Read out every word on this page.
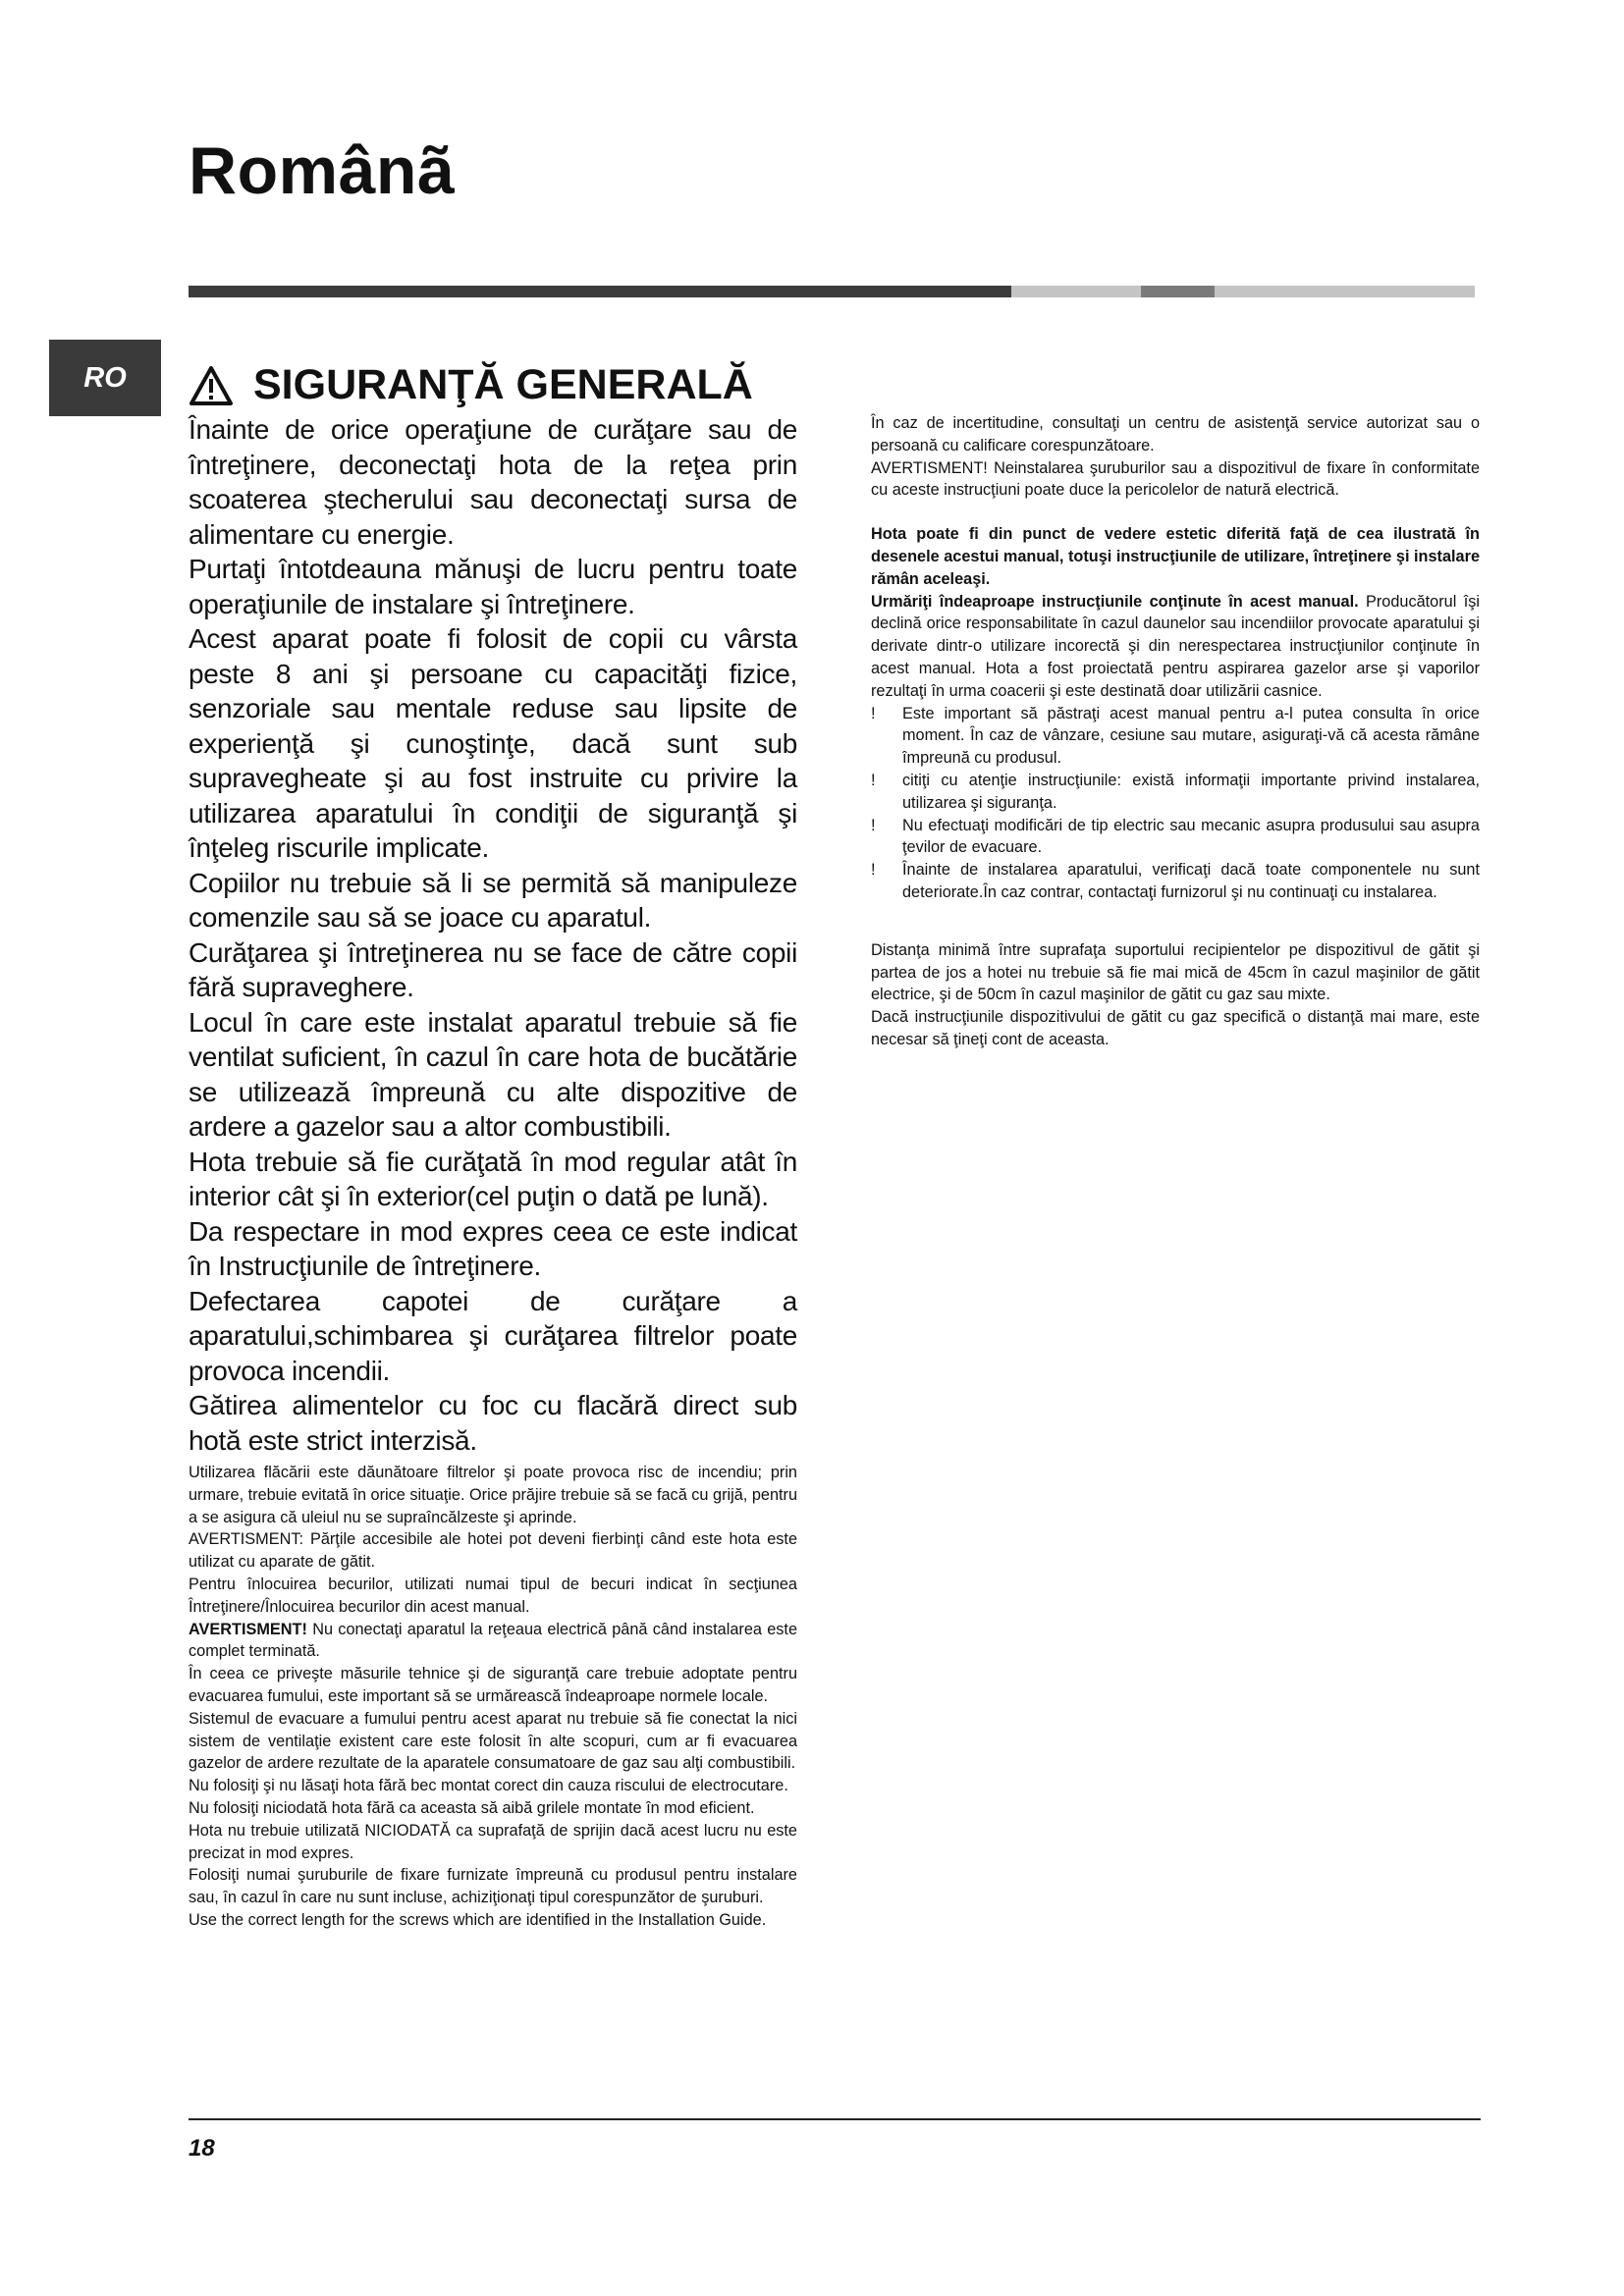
Românã
RO	SIGURANŢĂ GENERALĂ

Înainte de orice operaţiune de curăţare sau de întreţinere, deconectaţi hota de la reţea prin scoaterea ştecherului sau deconectaţi sursa de alimentare cu energie.

Purtaţi întotdeauna mănuşi de lucru pentru toate operaţiunile de instalare şi întreţinere.

Acest aparat poate fi folosit de copii cu vârsta peste 8 ani şi persoane cu capacităţi fizice, senzoriale sau mentale reduse sau lipsite de experienţă şi cunoştinţe, dacă sunt sub supravegheate şi au fost instruite cu privire la utilizarea aparatului în condiţii de siguranţă şi înţeleg riscurile implicate.

Copiilor nu trebuie să li se permită să manipuleze comenzile sau să se joace cu aparatul.

Curăţarea şi întreţinerea nu se face de către copii fără supraveghere.

Locul în care este instalat aparatul trebuie să fie ventilat suficient, în cazul în care hota de bucătărie se utilizează împreună cu alte dispozitive de ardere a gazelor sau a altor combustibili.

Hota trebuie să fie curăţată în mod regular atât în interior cât şi în exterior(cel puţin o dată pe lună).

Da respectare in mod expres ceea ce este indicat în Instrucţiunile de întreţinere.

Defectarea capotei de curăţare a aparatului,schimbarea şi curăţarea filtrelor poate provoca incendii.

Gătirea alimentelor cu foc cu flacără direct sub hotă este strict interzisă.

Utilizarea flăcării este dăunătoare filtrelor şi poate provoca risc de incendiu; prin urmare, trebuie evitată în orice situaţie. Orice prăjire trebuie să se facă cu grijă, pentru a se asigura că uleiul nu se supraîncălzeste şi aprinde.

AVERTISMENT: Părţile accesibile ale hotei pot deveni fierbinţi când este hota este utilizat cu aparate de gătit.

Pentru înlocuirea becurilor, utilizati numai tipul de becuri indicat în secţiunea Întreţinere/Înlocuirea becurilor din acest manual.

AVERTISMENT! Nu conectaţi aparatul la reţeaua electrică până când instalarea este complet terminată.

În ceea ce priveşte măsurile tehnice şi de siguranţă care trebuie adoptate pentru evacuarea fumului, este important să se urmărească îndeaproape normele locale.

Sistemul de evacuare a fumului pentru acest aparat nu trebuie să fie conectat la nici sistem de ventilaţie existent care este folosit în alte scopuri, cum ar fi evacuarea gazelor de ardere rezultate de la aparatele consumatoare de gaz sau alţi combustibili.

Nu folosiţi şi nu lăsaţi hota fără bec montat corect din cauza riscului de electrocutare.

Nu folosiţi niciodată hota fără ca aceasta să aibă grilele montate în mod eficient.

Hota nu trebuie utilizată NICIODATĂ ca suprafaţă de sprijin dacă acest lucru nu este precizat in mod expres.

Folosiţi numai şuruburile de fixare furnizate împreună cu produsul pentru instalare sau, în cazul în care nu sunt incluse, achiziţionaţi tipul corespunzător de şuruburi.

Use the correct length for the screws which are identified in the Installation Guide.

În caz de incertitudine, consultaţi un centru de asistenţă service autorizat sau o persoană cu calificare corespunzătoare.

AVERTISMENT! Neinstalarea şuruburilor sau a dispozitivul de fixare în conformitate cu aceste instrucţiuni poate duce la pericolelor de natură electrică.

Hota poate fi din punct de vedere estetic diferită faţă de cea ilustrată în desenele acestui manual, totuşi instrucţiunile de utilizare, întreţinere şi instalare rămân aceleaşi.

Urmăriţi îndeaproape instrucţiunile conţinute în acest manual. Producătorul îşi declină orice responsabilitate în cazul daunelor sau incendiilor provocate aparatului şi derivate dintr-o utilizare incorectă şi din nerespectarea instrucţiunilor conţinute în acest manual. Hota a fost proiectată pentru aspirarea gazelor arse şi vaporilor rezultaţi în urma coacerii şi este destinată doar utilizării casnice.

!	Este important să păstraţi acest manual pentru a-l putea consulta în orice moment. În caz de vânzare, cesiune sau mutare, asiguraţi-vă că acesta rămâne împreună cu produsul.
!	citiţi cu atenţie instrucţiunile: există informaţii importante privind instalarea, utilizarea şi siguranţa.
!	Nu efectuaţi modificări de tip electric sau mecanic asupra produsului sau asupra ţevilor de evacuare.
!	Înainte de instalarea aparatului, verificaţi dacă toate componentele nu sunt deteriorate.În caz contrar, contactaţi furnizorul şi nu continuaţi cu instalarea.

Distanţa minimă între suprafaţa suportului recipientelor pe dispozitivul de gătit şi partea de jos a hotei nu trebuie să fie mai mică de 45cm în cazul maşinilor de gătit electrice, şi de 50cm în cazul maşinilor de gătit cu gaz sau mixte.

Dacă instrucţiunile dispozitivului de gătit cu gaz specifică o distanţă mai mare, este necesar să ţineţi cont de aceasta.

18
